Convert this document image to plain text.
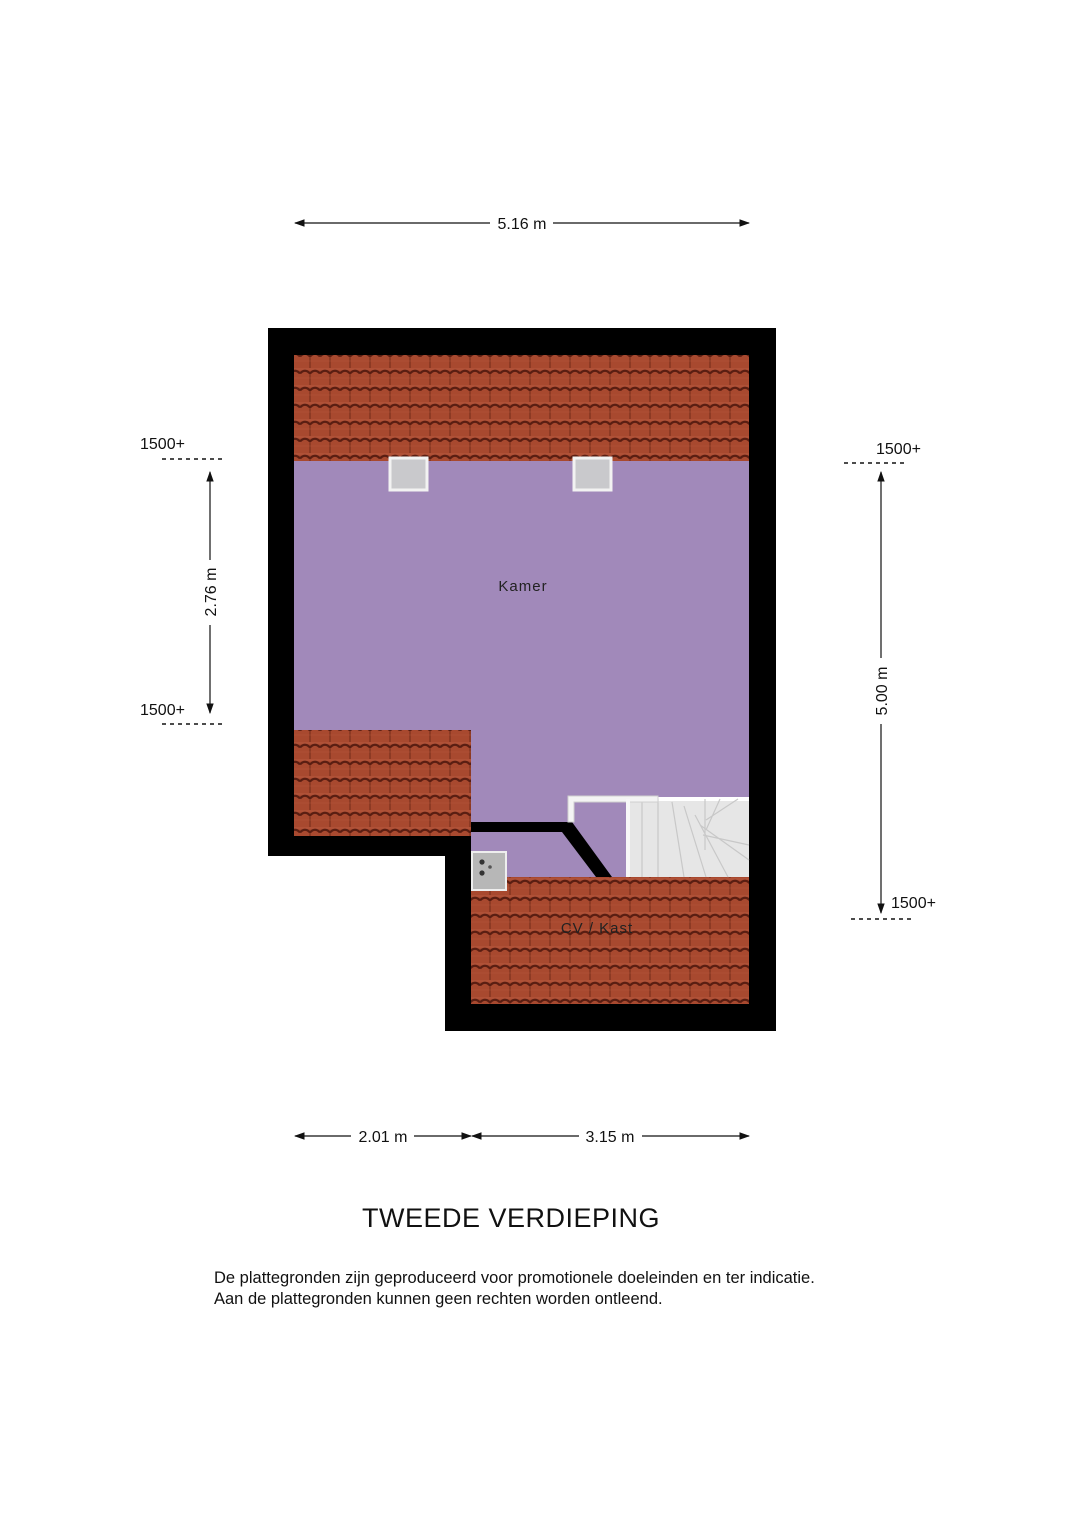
Kamer
CV / Kast
5.16 m
1500+
1500+
2.76 m
1500+
1500+
5.00 m
2.01 m	3.15 m
TWEEDE VERDIEPING
De plattegronden zijn geproduceerd voor promotionele doeleinden en ter indicatie.
Aan de plattegronden kunnen geen rechten worden ontleend.
